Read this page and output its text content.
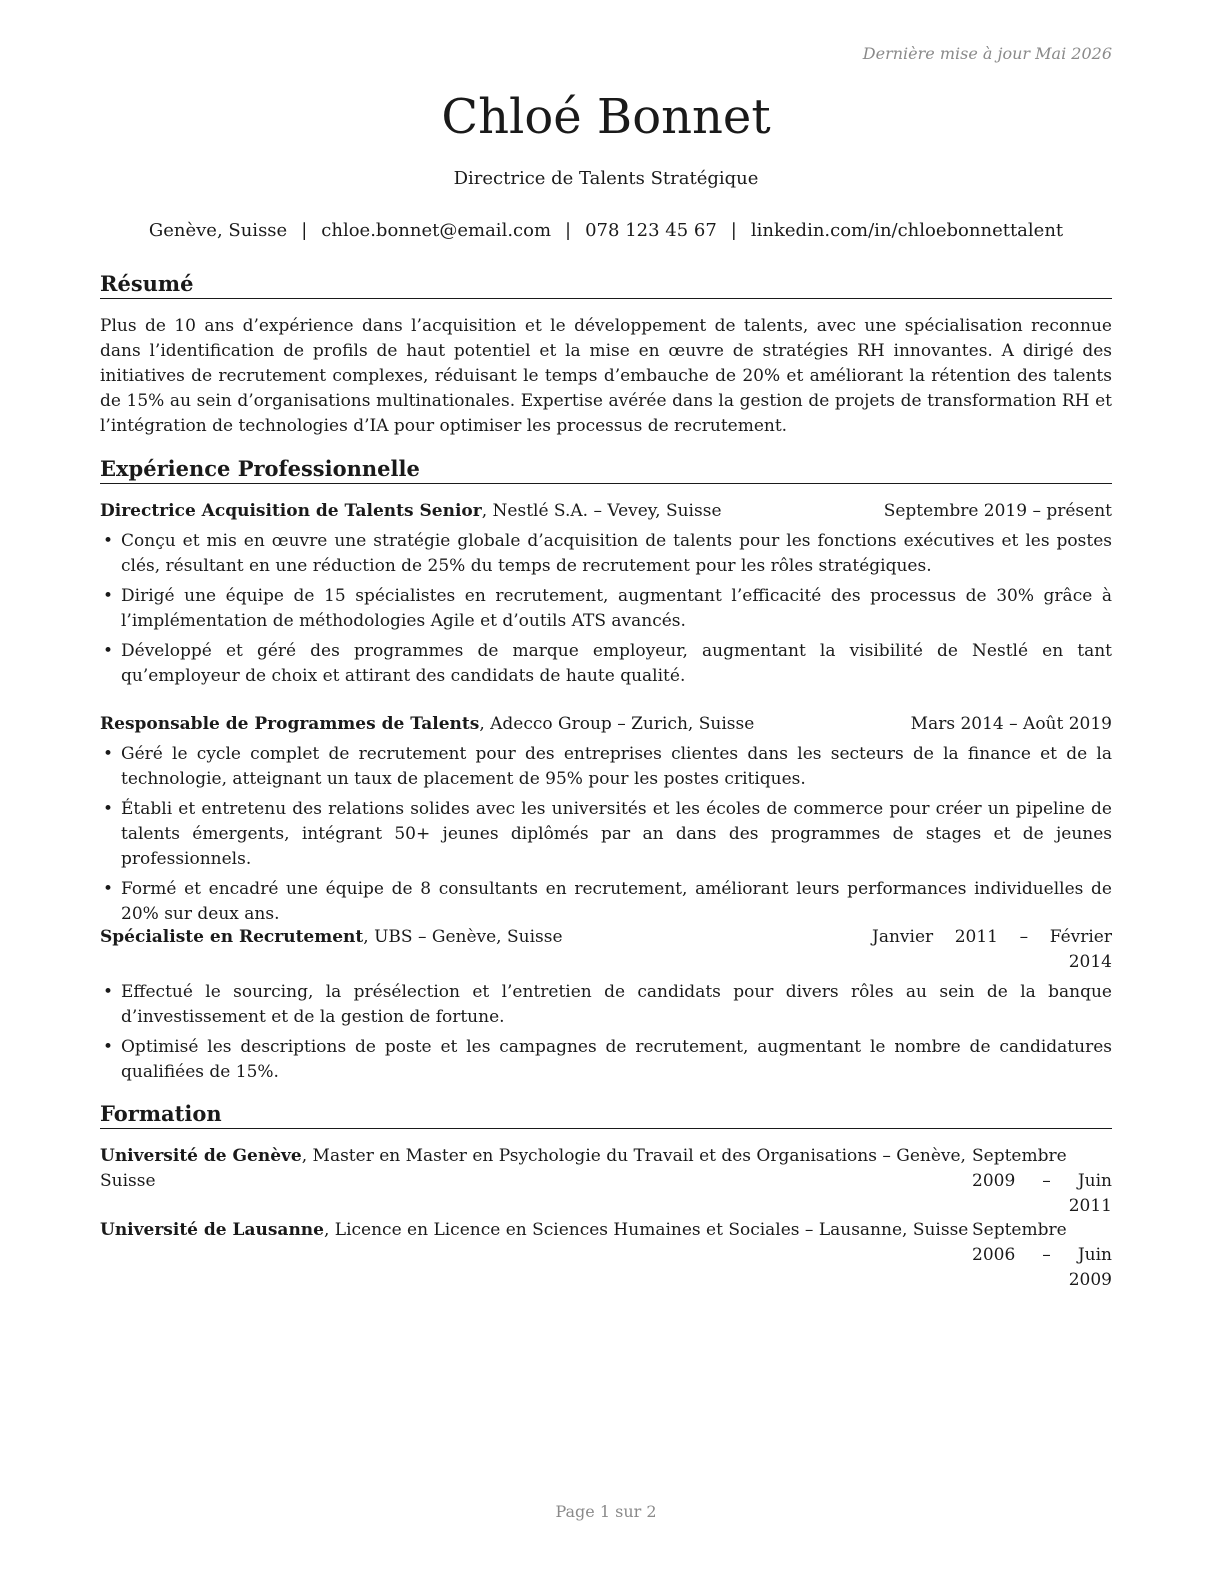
Dernière mise à jour Mai 2026
Chloé Bonnet
Directrice de Talents Stratégique
Genève, Suisse | chloe.bonnet@email.com | 078 123 45 67 | linkedin.com/in/chloebonnettalent
Résumé
Plus de 10 ans d’expérience dans l’acquisition et le développement de talents, avec une spécialisation reconnue dans l’identification de profils de haut potentiel et la mise en œuvre de stratégies RH innovantes. A dirigé des initiatives de recrutement complexes, réduisant le temps d’embauche de 20% et améliorant la rétention des talents de 15% au sein d’organisations multinationales. Expertise avérée dans la gestion de projets de transformation RH et l’intégration de technologies d’IA pour optimiser les processus de recrutement.
Expérience Professionnelle
Directrice Acquisition de Talents Senior, Nestlé S.A. – Vevey, Suisse	Septembre 2019 – présent
• Conçu et mis en œuvre une stratégie globale d’acquisition de talents pour les fonctions exécutives et les postes clés, résultant en une réduction de 25% du temps de recrutement pour les rôles stratégiques.
• Dirigé une équipe de 15 spécialistes en recrutement, augmentant l’efficacité des processus de 30% grâce à l’implémentation de méthodologies Agile et d’outils ATS avancés.
• Développé et géré des programmes de marque employeur, augmentant la visibilité de Nestlé en tant qu’employeur de choix et attirant des candidats de haute qualité.
Responsable de Programmes de Talents, Adecco Group – Zurich, Suisse	Mars 2014 – Août 2019
• Géré le cycle complet de recrutement pour des entreprises clientes dans les secteurs de la finance et de la technologie, atteignant un taux de placement de 95% pour les postes critiques.
• Établi et entretenu des relations solides avec les universités et les écoles de commerce pour créer un pipeline de talents émergents, intégrant 50+ jeunes diplômés par an dans des programmes de stages et de jeunes professionnels.
• Formé et encadré une équipe de 8 consultants en recrutement, améliorant leurs performances individuelles de 20% sur deux ans.
Spécialiste en Recrutement, UBS – Genève, Suisse	Janvier 2011 – Février 2014
• Effectué le sourcing, la présélection et l’entretien de candidats pour divers rôles au sein de la banque d’investissement et de la gestion de fortune.
• Optimisé les descriptions de poste et les campagnes de recrutement, augmentant le nombre de candidatures qualifiées de 15%.
Formation
Université de Genève, Master en Master en Psychologie du Travail et des Organisations – Genève, Suisse
Septembre 2009 – Juin 2011
Université de Lausanne, Licence en Licence en Sciences Humaines et Sociales – Lausanne, Suisse Septembre 2006 – Juin 2009
Page 1 sur 2
